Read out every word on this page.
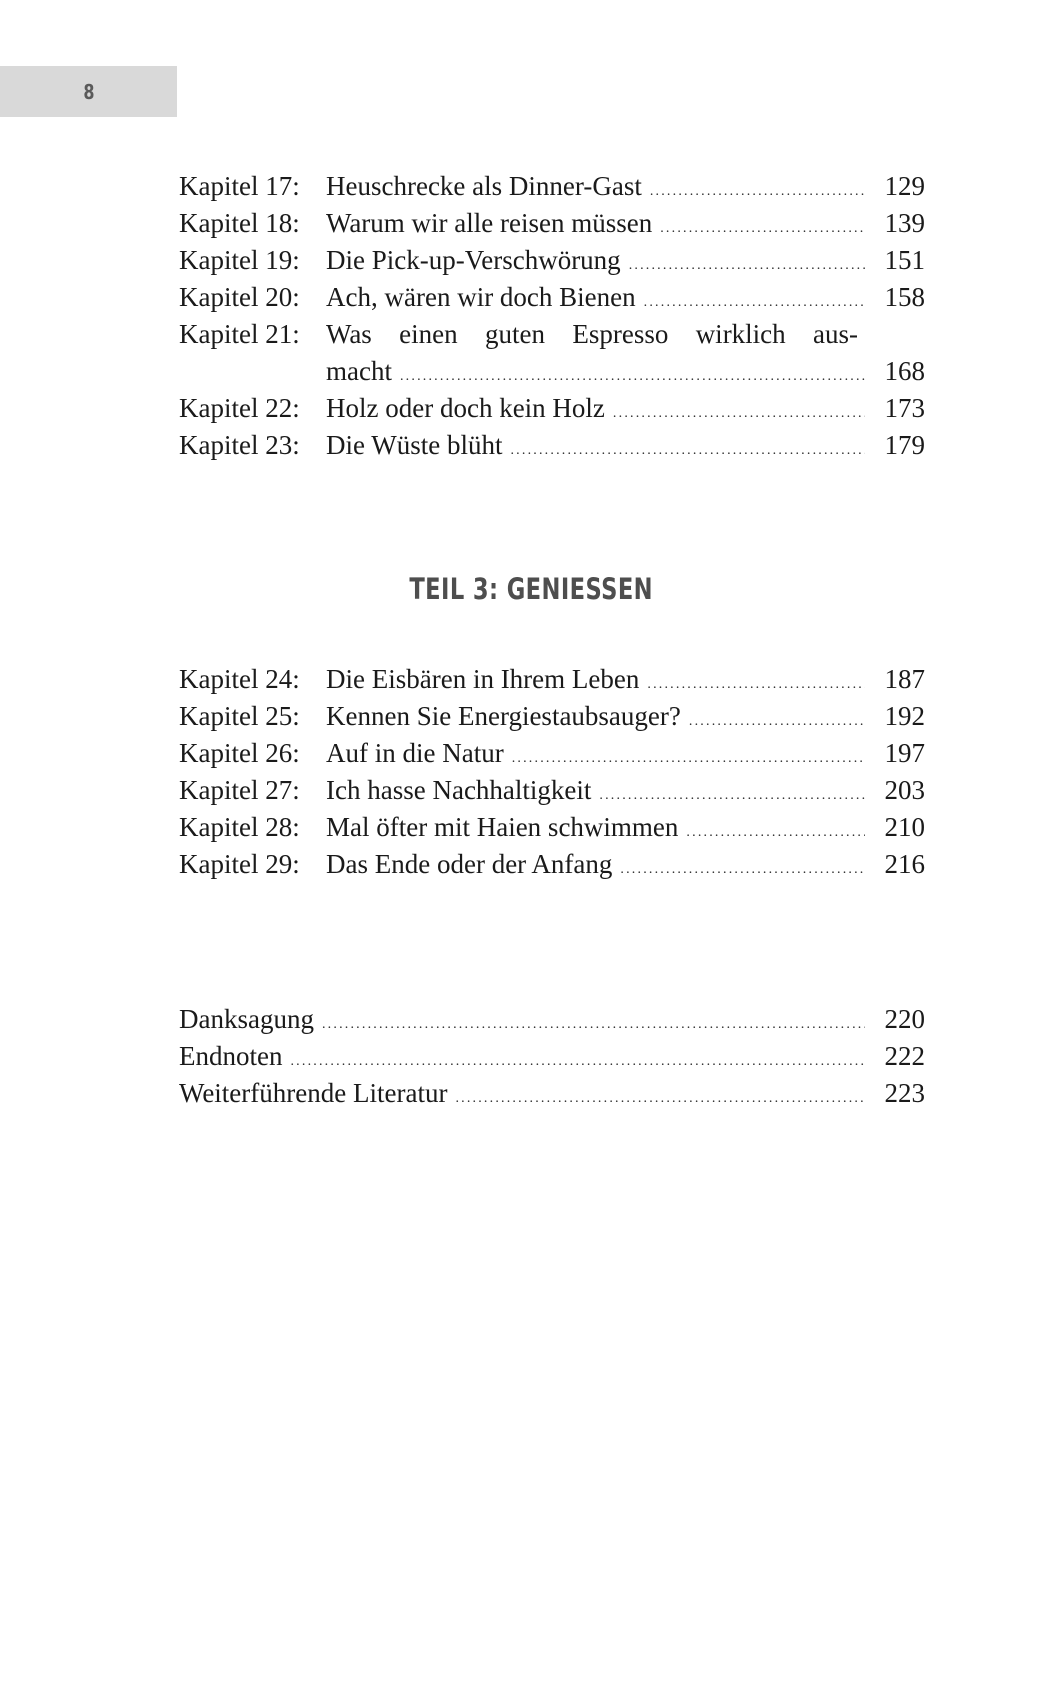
8
Kapitel 17: Heuschrecke als Dinner-Gast .....	129
Kapitel 18: Warum wir alle reisen müssen .....	139
Kapitel 19: Die Pick-up-Verschwörung .....	151
Kapitel 20: Ach, wären wir doch Bienen .....	158
Kapitel 21: Was einen guten Espresso wirklich aus-
macht .....	168
Kapitel 22: Holz oder doch kein Holz .....	173
Kapitel 23: Die Wüste blüht .....	179
TEIL 3: GENIESSEN
Kapitel 24: Die Eisbären in Ihrem Leben .....	187
Kapitel 25: Kennen Sie Energiestaubsauger? .....	192
Kapitel 26: Auf in die Natur .....	197
Kapitel 27: Ich hasse Nachhaltigkeit .....	203
Kapitel 28: Mal öfter mit Haien schwimmen .....	210
Kapitel 29: Das Ende oder der Anfang .....	216
Danksagung .....	220
Endnoten .....	222
Weiterführende Literatur .....	223
